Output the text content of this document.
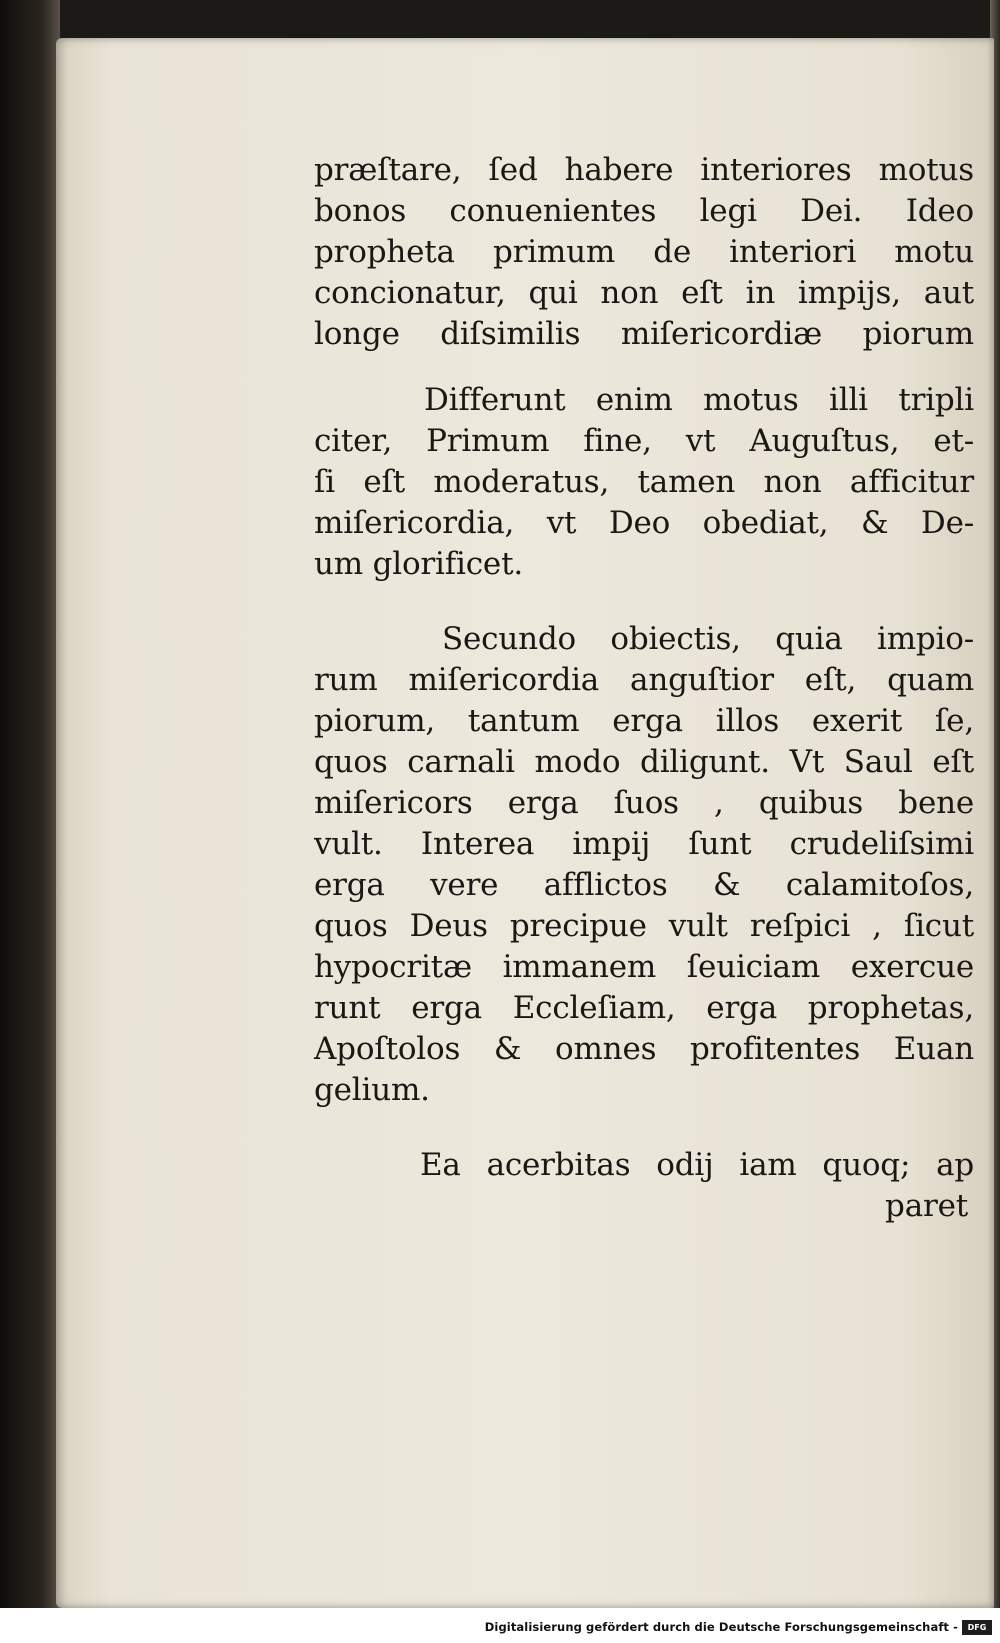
præſtare, ſed habere interiores motus
bonos conuenientes legi Dei. Ideo
propheta primum de interiori motu
concionatur, qui non eſt in impijs, aut
longe diſsimilis miſericordiæ piorum
Differunt enim motus illi tripli
citer, Primum fine, vt Auguſtus, et-
ſi eſt moderatus, tamen non afficitur
miſericordia, vt Deo obediat, & De-
um glorificet.
Secundo obiectis, quia impio-
rum miſericordia anguſtior eſt, quam
piorum, tantum erga illos exerit ſe,
quos carnali modo diligunt. Vt Saul eſt
miſericors erga ſuos , quibus bene
vult. Interea impij ſunt crudeliſsimi
erga vere afflictos & calamitoſos,
quos Deus precipue vult reſpici , ſicut
hypocritæ immanem ſeuiciam exercue
runt erga Eccleſiam, erga prophetas,
Apoſtolos & omnes profitentes Euan
gelium.
Ea acerbitas odij iam quoq; ap
paret
Digitalisierung gefördert durch die Deutsche Forschungsgemeinschaft -	DFG
